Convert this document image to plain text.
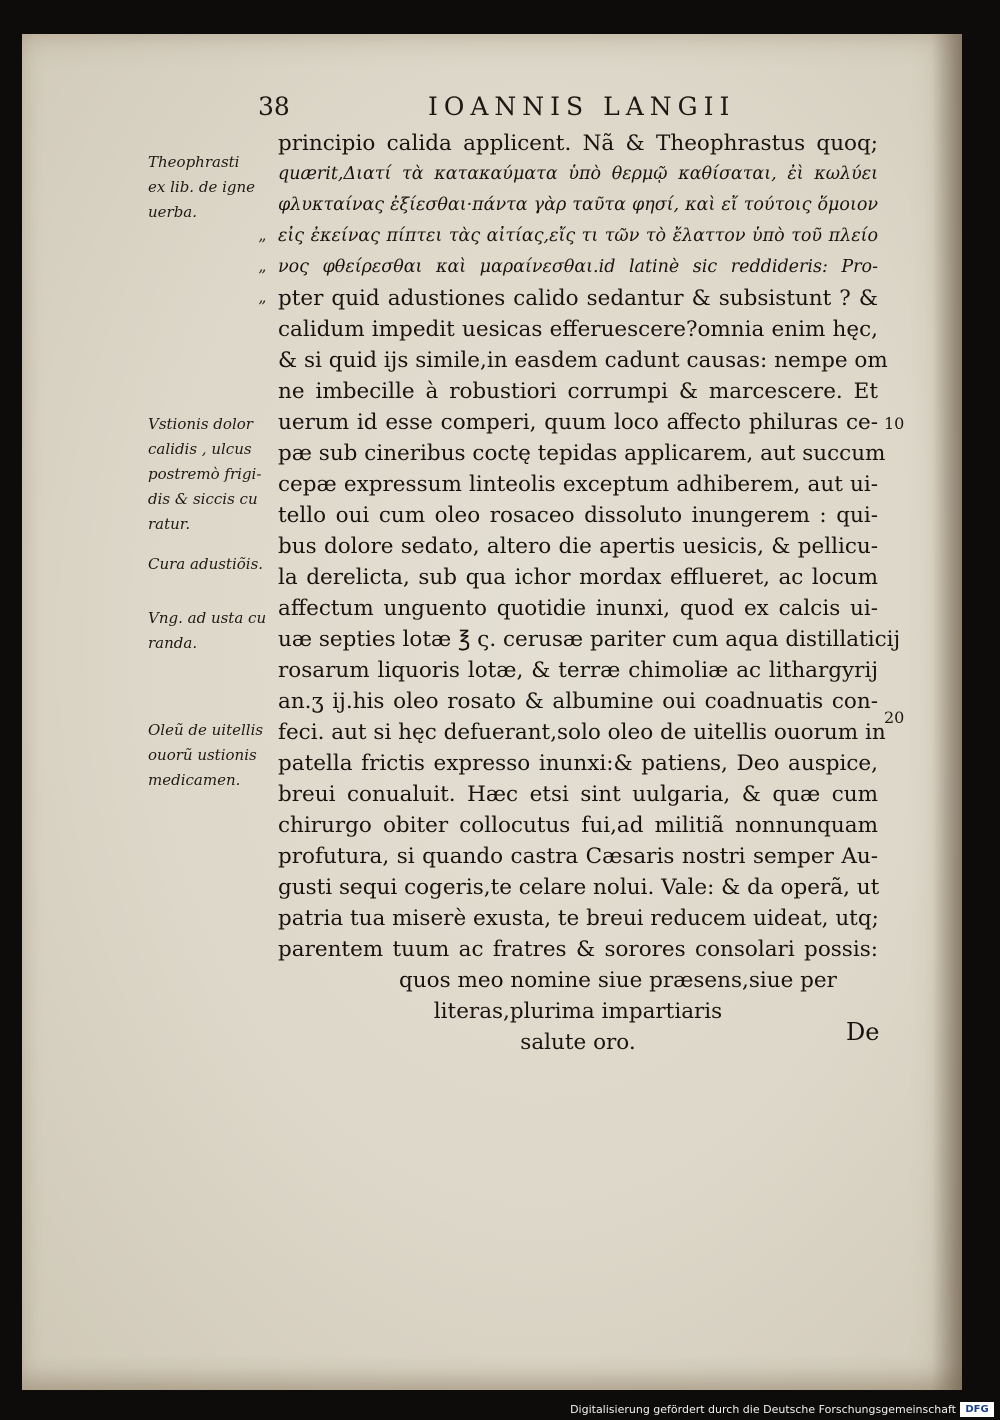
38	IOANNIS LANGII
Theophrasti
ex lib. de igne
uerba.
”
”
”
Vstionis dolor
calidis , ulcus
postremò frigi-
dis & siccis cu
ratur.
Cura adustiõis.
Vng. ad usta cu
randa.
Oleũ de uitellis
ouorũ ustionis
medicamen.
principio calida applicent. Nã & Theophrastus quoq;
quærit,Διατί τὰ κατακαύματα ὑπὸ θερμῷ καθίσαται, ἐὶ κωλύει
φλυκταίνας ἐξίεσθαι·πάντα γὰρ ταῦτα φησί, καὶ εἴ τούτοις ὅμοιον
εἰς ἐκείνας πίπτει τὰς αἰτίας,εἴς τι τῶν τὸ ἔλαττον ὑπὸ τοῦ πλείο
νος φθείρεσθαι καὶ μαραίνεσθαι.id latinè sic reddideris: Pro-
pter quid adustiones calido sedantur & subsistunt ? &
calidum impedit uesicas efferuescere?omnia enim hęc,
& si quid ijs simile,in easdem cadunt causas: nempe om
ne imbecille à robustiori corrumpi & marcescere. Et
uerum id esse comperi, quum loco affecto philuras ce-
pæ sub cineribus coctę tepidas applicarem, aut succum
cepæ expressum linteolis exceptum adhiberem, aut ui-
tello oui cum oleo rosaceo dissoluto inungerem : qui-
bus dolore sedato, altero die apertis uesicis, & pellicu-
la derelicta, sub qua ichor mordax efflueret, ac locum
affectum unguento quotidie inunxi, quod ex calcis ui-
uæ septies lotæ ℥ ς. cerusæ pariter cum aqua distillaticij
rosarum liquoris lotæ, & terræ chimoliæ ac lithargyrij
an.ʒ ij.his oleo rosato & albumine oui coadnuatis con-
feci. aut si hęc defuerant,solo oleo de uitellis ouorum in
patella frictis expresso inunxi:& patiens, Deo auspice,
breui conualuit. Hæc etsi sint uulgaria, & quæ cum
chirurgo obiter collocutus fui,ad militiã nonnunquam
profutura, si quando castra Cæsaris nostri semper Au-
gusti sequi cogeris,te celare nolui. Vale: & da operã, ut
patria tua miserè exusta, te breui reducem uideat, utq;
parentem tuum ac fratres & sorores consolari possis:
quos meo nomine siue præsens,siue per
literas,plurima impartiaris
salute oro.
10
20
De
Digitalisierung gefördert durch die Deutsche Forschungsgemeinschaft DFG
